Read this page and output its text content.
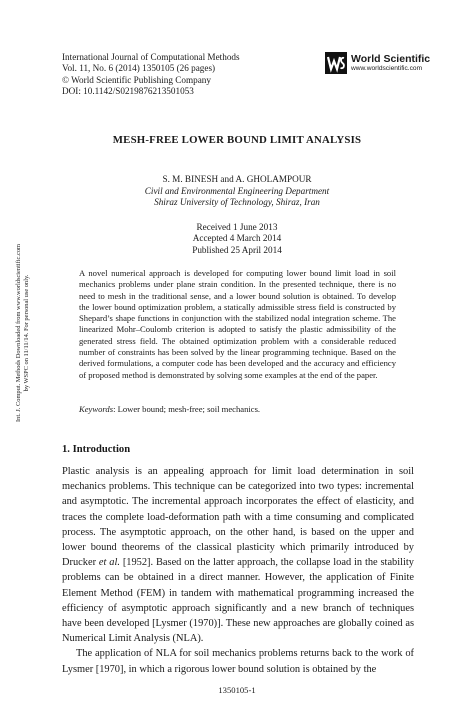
International Journal of Computational Methods
Vol. 11, No. 6 (2014) 1350105 (26 pages)
© World Scientific Publishing Company
DOI: 10.1142/S0219876213501053
World Scientific
www.worldscientific.com
MESH-FREE LOWER BOUND LIMIT ANALYSIS
S. M. BINESH and A. GHOLAMPOUR
Civil and Environmental Engineering Department
Shiraz University of Technology, Shiraz, Iran
Received 1 June 2013
Accepted 4 March 2014
Published 25 April 2014
A novel numerical approach is developed for computing lower bound limit load in soil mechanics problems under plane strain condition. In the presented technique, there is no need to mesh in the traditional sense, and a lower bound solution is obtained. To develop the lower bound optimization problem, a statically admissible stress field is constructed by Shepard’s shape functions in conjunction with the stabilized nodal integration scheme. The linearized Mohr–Coulomb criterion is adopted to satisfy the plastic admissibility of the generated stress field. The obtained optimization problem with a considerable reduced number of constraints has been solved by the linear programming technique. Based on the derived formulations, a computer code has been developed and the accuracy and efficiency of proposed method is demonstrated by solving some examples at the end of the paper.
Keywords: Lower bound; mesh-free; soil mechanics.
1. Introduction

Plastic analysis is an appealing approach for limit load determination in soil mechanics problems. This technique can be categorized into two types: incremental and asymptotic. The incremental approach incorporates the effect of elasticity, and traces the complete load-deformation path with a time consuming and complicated process. The asymptotic approach, on the other hand, is based on the upper and lower bound theorems of the classical plasticity which primarily introduced by Drucker et al. [1952]. Based on the latter approach, the collapse load in the stability problems can be obtained in a direct manner. However, the application of Finite Element Method (FEM) in tandem with mathematical programming increased the efficiency of asymptotic approach significantly and a new branch of techniques have been developed [Lysmer (1970)]. These new approaches are globally coined as Numerical Limit Analysis (NLA).

The application of NLA for soil mechanics problems returns back to the work of Lysmer [1970], in which a rigorous lower bound solution is obtained by the

1350105-1
Int. J. Comput. Methods Downloaded from www.worldscientific.com by WSPC on 11/11/14. For personal use only.
